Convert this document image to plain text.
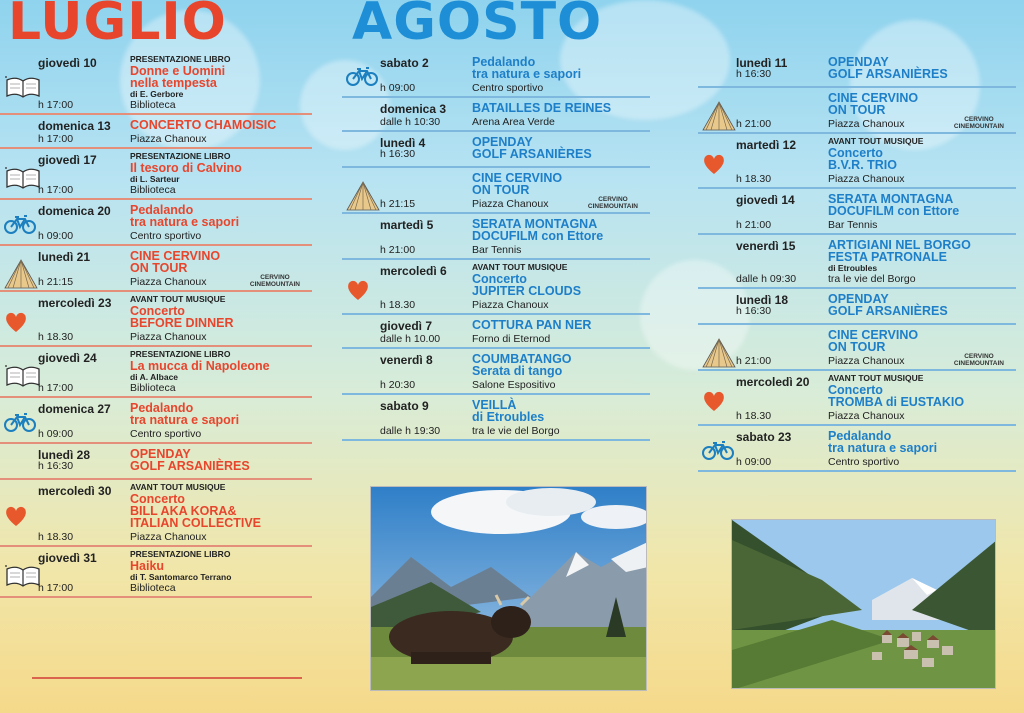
LUGLIO AGOSTO
giovedì 10
h 17:00
PRESENTAZIONE LIBRO
Donne e Uomini
nella tempesta
di E. Gerbore
Biblioteca
domenica 13
h 17:00
CONCERTO CHAMOISIC
Piazza Chanoux
giovedì 17
h 17:00
PRESENTAZIONE LIBRO
Il tesoro di Calvino
di L. Sarteur
Biblioteca
domenica 20
h 09:00
Pedalando
tra natura e sapori
Centro sportivo
lunedì 21
h 21:15
CINE CERVINO
ON TOUR
Piazza Chanoux	CERVINO
CINEMOUNTAIN
mercoledì 23
h 18.30
AVANT TOUT MUSIQUE
Concerto
BEFORE DINNER
Piazza Chanoux
giovedì 24
h 17:00
PRESENTAZIONE LIBRO
La mucca di Napoleone
di A. Albace
Biblioteca
domenica 27
h 09:00
Pedalando
tra natura e sapori
Centro sportivo
lunedì 28
h 16:30
OPENDAY
GOLF ARSANIÈRES
mercoledì 30
h 18.30
AVANT TOUT MUSIQUE
Concerto
BILL AKA KORA&
ITALIAN COLLECTIVE
Piazza Chanoux
giovedì 31
h 17:00
PRESENTAZIONE LIBRO
Haiku
di T. Santomarco Terrano
Biblioteca
sabato 2
h 09:00
Pedalando
tra natura e sapori
Centro sportivo
domenica 3
dalle h 10:30
BATAILLES DE REINES
Arena Area Verde
lunedì 4
h 16:30
OPENDAY
GOLF ARSANIÈRES
h 21:15
CINE CERVINO
ON TOUR
Piazza Chanoux	CERVINO
CINEMOUNTAIN
martedì 5
h 21:00
SERATA MONTAGNA
DOCUFILM con Ettore
Bar Tennis
mercoledì 6
h 18.30
AVANT TOUT MUSIQUE
Concerto
JUPITER CLOUDS
Piazza Chanoux
giovedì 7
dalle h 10.00
COTTURA PAN NER
Forno di Eternod
venerdì 8
h 20:30
COUMBATANGO
Serata di tango
Salone Espositivo
sabato 9
dalle h 19:30
VEILLÀ
di Etroubles
tra le vie del Borgo
lunedì 11
h 16:30
OPENDAY
GOLF ARSANIÈRES
h 21:00
CINE CERVINO
ON TOUR
Piazza Chanoux	CERVINO
CINEMOUNTAIN
martedì 12
h 18.30
AVANT TOUT MUSIQUE
Concerto
B.V.R. TRIO
Piazza Chanoux
giovedì 14
h 21:00
SERATA MONTAGNA
DOCUFILM con Ettore
Bar Tennis
venerdì 15
dalle h 09:30
ARTIGIANI NEL BORGO
FESTA PATRONALE
di Etroubles
tra le vie del Borgo
lunedì 18
h 16:30
OPENDAY
GOLF ARSANIÈRES
h 21:00
CINE CERVINO
ON TOUR
Piazza Chanoux	CERVINO
CINEMOUNTAIN
mercoledì 20
h 18.30
AVANT TOUT MUSIQUE
Concerto
TROMBA di EUSTAKIO
Piazza Chanoux
sabato 23
h 09:00
Pedalando
tra natura e sapori
Centro sportivo
